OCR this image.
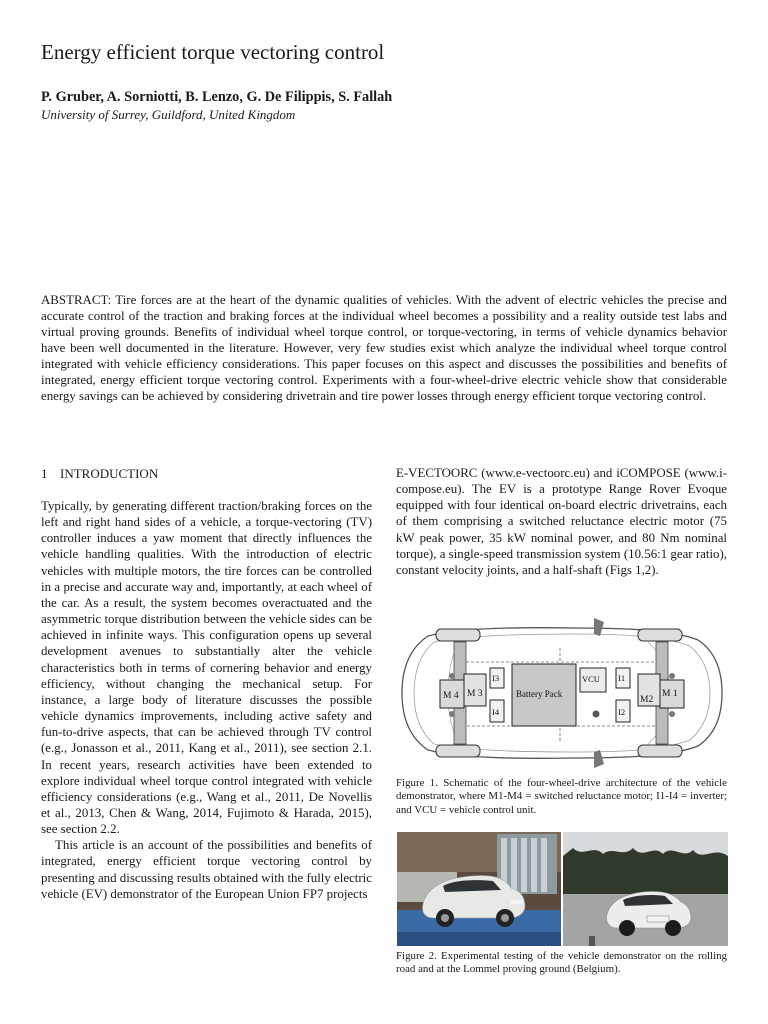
Energy efficient torque vectoring control

P. Gruber, A. Sorniotti, B. Lenzo, G. De Filippis, S. Fallah

University of Surrey, Guildford, United Kingdom

ABSTRACT: Tire forces are at the heart of the dynamic qualities of vehicles. With the advent of electric vehicles the precise and accurate control of the traction and braking forces at the individual wheel becomes a possibility and a reality outside test labs and virtual proving grounds. Benefits of individual wheel torque control, or torque-vectoring, in terms of vehicle dynamics behavior have been well documented in the literature. However, very few studies exist which analyze the individual wheel torque control integrated with vehicle efficiency considerations. This paper focuses on this aspect and discusses the possibilities and benefits of integrated, energy efficient torque vectoring control. Experiments with a four-wheel-drive electric vehicle show that considerable energy savings can be achieved by considering drivetrain and tire power losses through energy efficient torque vectoring control.

1 INTRODUCTION

Typically, by generating different traction/braking forces on the left and right hand sides of a vehicle, a torque-vectoring (TV) controller induces a yaw moment that directly influences the vehicle handling qualities. With the introduction of electric vehicles with multiple motors, the tire forces can be controlled in a precise and accurate way and, importantly, at each wheel of the car. As a result, the system becomes overactuated and the asymmetric torque distribution between the vehicle sides can be achieved in infinite ways. This configuration opens up several development avenues to substantially alter the vehicle characteristics both in terms of cornering behavior and energy efficiency, without changing the mechanical setup. For instance, a large body of literature discusses the possible vehicle dynamics improvements, including active safety and fun-to-drive aspects, that can be achieved through TV control (e.g., Jonasson et al., 2011, Kang et al., 2011), see section 2.1. In recent years, research activities have been extended to explore individual wheel torque control integrated with vehicle efficiency considerations (e.g., Wang et al., 2011, De Novellis et al., 2013, Chen & Wang, 2014, Fujimoto & Harada, 2015), see section 2.2.

This article is an account of the possibilities and benefits of integrated, energy efficient torque vectoring control by presenting and discussing results obtained with the fully electric vehicle (EV) demonstrator of the European Union FP7 projects

E-VECTOORC (www.e-vectoorc.eu) and iCOMPOSE (www.i-compose.eu). The EV is a prototype Range Rover Evoque equipped with four identical on-board electric drivetrains, each of them comprising a switched reluctance electric motor (75 kW peak power, 35 kW nominal power, and 80 Nm nominal torque), a single-speed transmission system (10.56:1 gear ratio), constant velocity joints, and a half-shaft (Figs 1,2).

M 4 M 3
M2
M 1
I3
I4
I1
I2
VCU
Battery Pack

Figure 1. Schematic of the four-wheel-drive architecture of the vehicle demonstrator, where M1-M4 = switched reluctance motor; I1-I4 = inverter; and VCU = vehicle control unit.

Figure 2. Experimental testing of the vehicle demonstrator on the rolling road and at the Lommel proving ground (Belgium).
